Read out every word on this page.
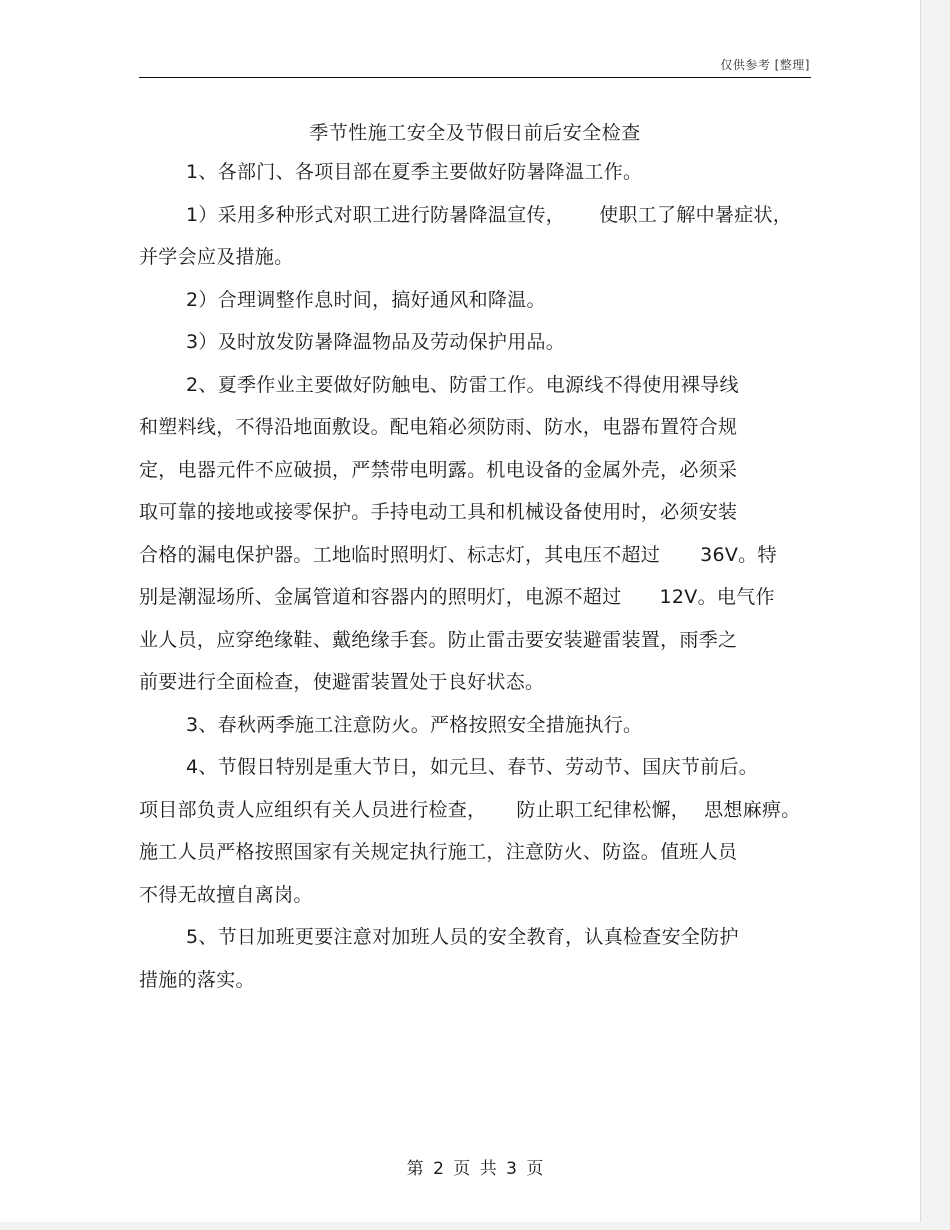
仅供参考 [整理]
季节性施工安全及节假日前后安全检查
1、各部门、各项目部在夏季主要做好防暑降温工作。
1）采用多种形式对职工进行防暑降温宣传， 使职工了解中暑症状，
并学会应及措施。
2）合理调整作息时间，搞好通风和降温。
3）及时放发防暑降温物品及劳动保护用品。
2、夏季作业主要做好防触电、防雷工作。电源线不得使用裸导线
和塑料线，不得沿地面敷设。配电箱必须防雨、防水，电器布置符合规
定，电器元件不应破损，严禁带电明露。机电设备的金属外壳，必须采
取可靠的接地或接零保护。手持电动工具和机械设备使用时，必须安装
合格的漏电保护器。工地临时照明灯、标志灯，其电压不超过 36V。特
别是潮湿场所、金属管道和容器内的照明灯，电源不超过 12V。电气作
业人员，应穿绝缘鞋、戴绝缘手套。防止雷击要安装避雷装置，雨季之
前要进行全面检查，使避雷装置处于良好状态。
3、春秋两季施工注意防火。严格按照安全措施执行。
4、节假日特别是重大节日，如元旦、春节、劳动节、国庆节前后。
项目部负责人应组织有关人员进行检查， 防止职工纪律松懈， 思想麻痹。
施工人员严格按照国家有关规定执行施工，注意防火、防盗。值班人员
不得无故擅自离岗。
5、节日加班更要注意对加班人员的安全教育，认真检查安全防护
措施的落实。
第 2 页 共 3 页
